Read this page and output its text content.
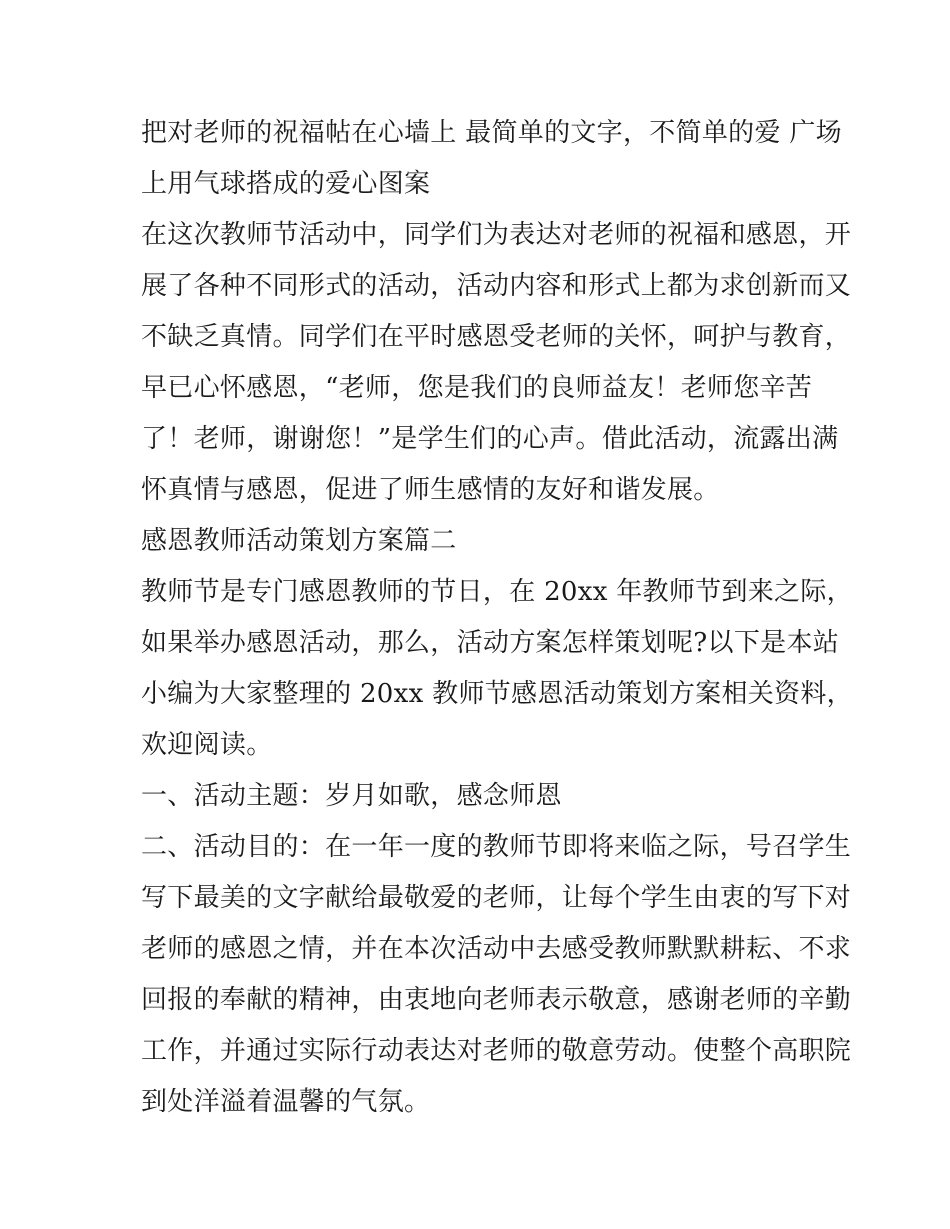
把对老师的祝福帖在心墙上 最简单的文字，不简单的爱 广场
上用气球搭成的爱心图案
在这次教师节活动中，同学们为表达对老师的祝福和感恩，开
展了各种不同形式的活动，活动内容和形式上都为求创新而又
不缺乏真情。同学们在平时感恩受老师的关怀，呵护与教育，
早已心怀感恩，“老师，您是我们的良师益友！老师您辛苦
了！老师，谢谢您！”是学生们的心声。借此活动，流露出满
怀真情与感恩，促进了师生感情的友好和谐发展。
感恩教师活动策划方案篇二
教师节是专门感恩教师的节日，在 20xx 年教师节到来之际，
如果举办感恩活动，那么，活动方案怎样策划呢?以下是本站
小编为大家整理的 20xx 教师节感恩活动策划方案相关资料，
欢迎阅读。
一、活动主题：岁月如歌，感念师恩
二、活动目的：在一年一度的教师节即将来临之际，号召学生
写下最美的文字献给最敬爱的老师，让每个学生由衷的写下对
老师的感恩之情，并在本次活动中去感受教师默默耕耘、不求
回报的奉献的精神，由衷地向老师表示敬意，感谢老师的辛勤
工作，并通过实际行动表达对老师的敬意劳动。使整个高职院
到处洋溢着温馨的气氛。
